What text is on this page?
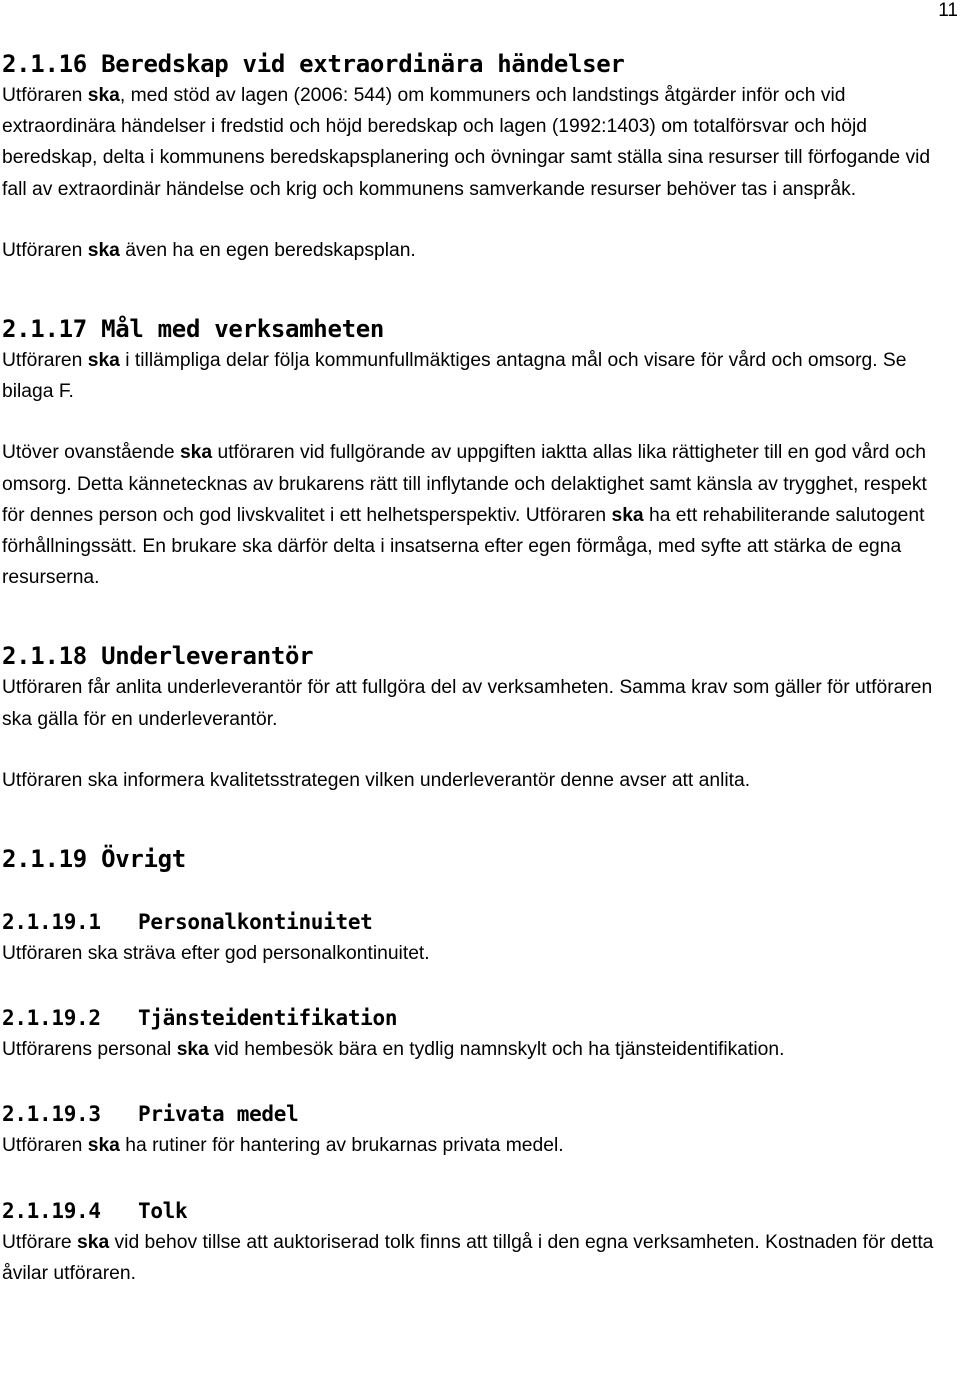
11
2.1.16 Beredskap vid extraordinära händelser

Utföraren ska, med stöd av lagen (2006: 544) om kommuners och landstings åtgärder inför och vid extraordinära händelser i fredstid och höjd beredskap och lagen (1992:1403) om totalförsvar och höjd beredskap, delta i kommunens beredskapsplanering och övningar samt ställa sina resurser till förfogande vid fall av extraordinär händelse och krig och kommunens samverkande resurser behöver tas i anspråk.

Utföraren ska även ha en egen beredskapsplan.

2.1.17 Mål med verksamheten

Utföraren ska i tillämpliga delar följa kommunfullmäktiges antagna mål och visare för vård och omsorg. Se bilaga F.

Utöver ovanstående ska utföraren vid fullgörande av uppgiften iaktta allas lika rättigheter till en god vård och omsorg. Detta kännetecknas av brukarens rätt till inflytande och delaktighet samt känsla av trygghet, respekt för dennes person och god livskvalitet i ett helhetsperspektiv. Utföraren ska ha ett rehabiliterande salutogent förhållningssätt. En brukare ska därför delta i insatserna efter egen förmåga, med syfte att stärka de egna resurserna.

2.1.18 Underleverantör

Utföraren får anlita underleverantör för att fullgöra del av verksamheten. Samma krav som gäller för utföraren ska gälla för en underleverantör.

Utföraren ska informera kvalitetsstrategen vilken underleverantör denne avser att anlita.

2.1.19 Övrigt
2.1.19.1 Personalkontinuitet

Utföraren ska sträva efter god personalkontinuitet.

2.1.19.2 Tjänsteidentifikation

Utförarens personal ska vid hembesök bära en tydlig namnskylt och ha tjänsteidentifikation.

2.1.19.3 Privata medel

Utföraren ska ha rutiner för hantering av brukarnas privata medel.

2.1.19.4 Tolk

Utförare ska vid behov tillse att auktoriserad tolk finns att tillgå i den egna verksamheten. Kostnaden för detta åvilar utföraren.
